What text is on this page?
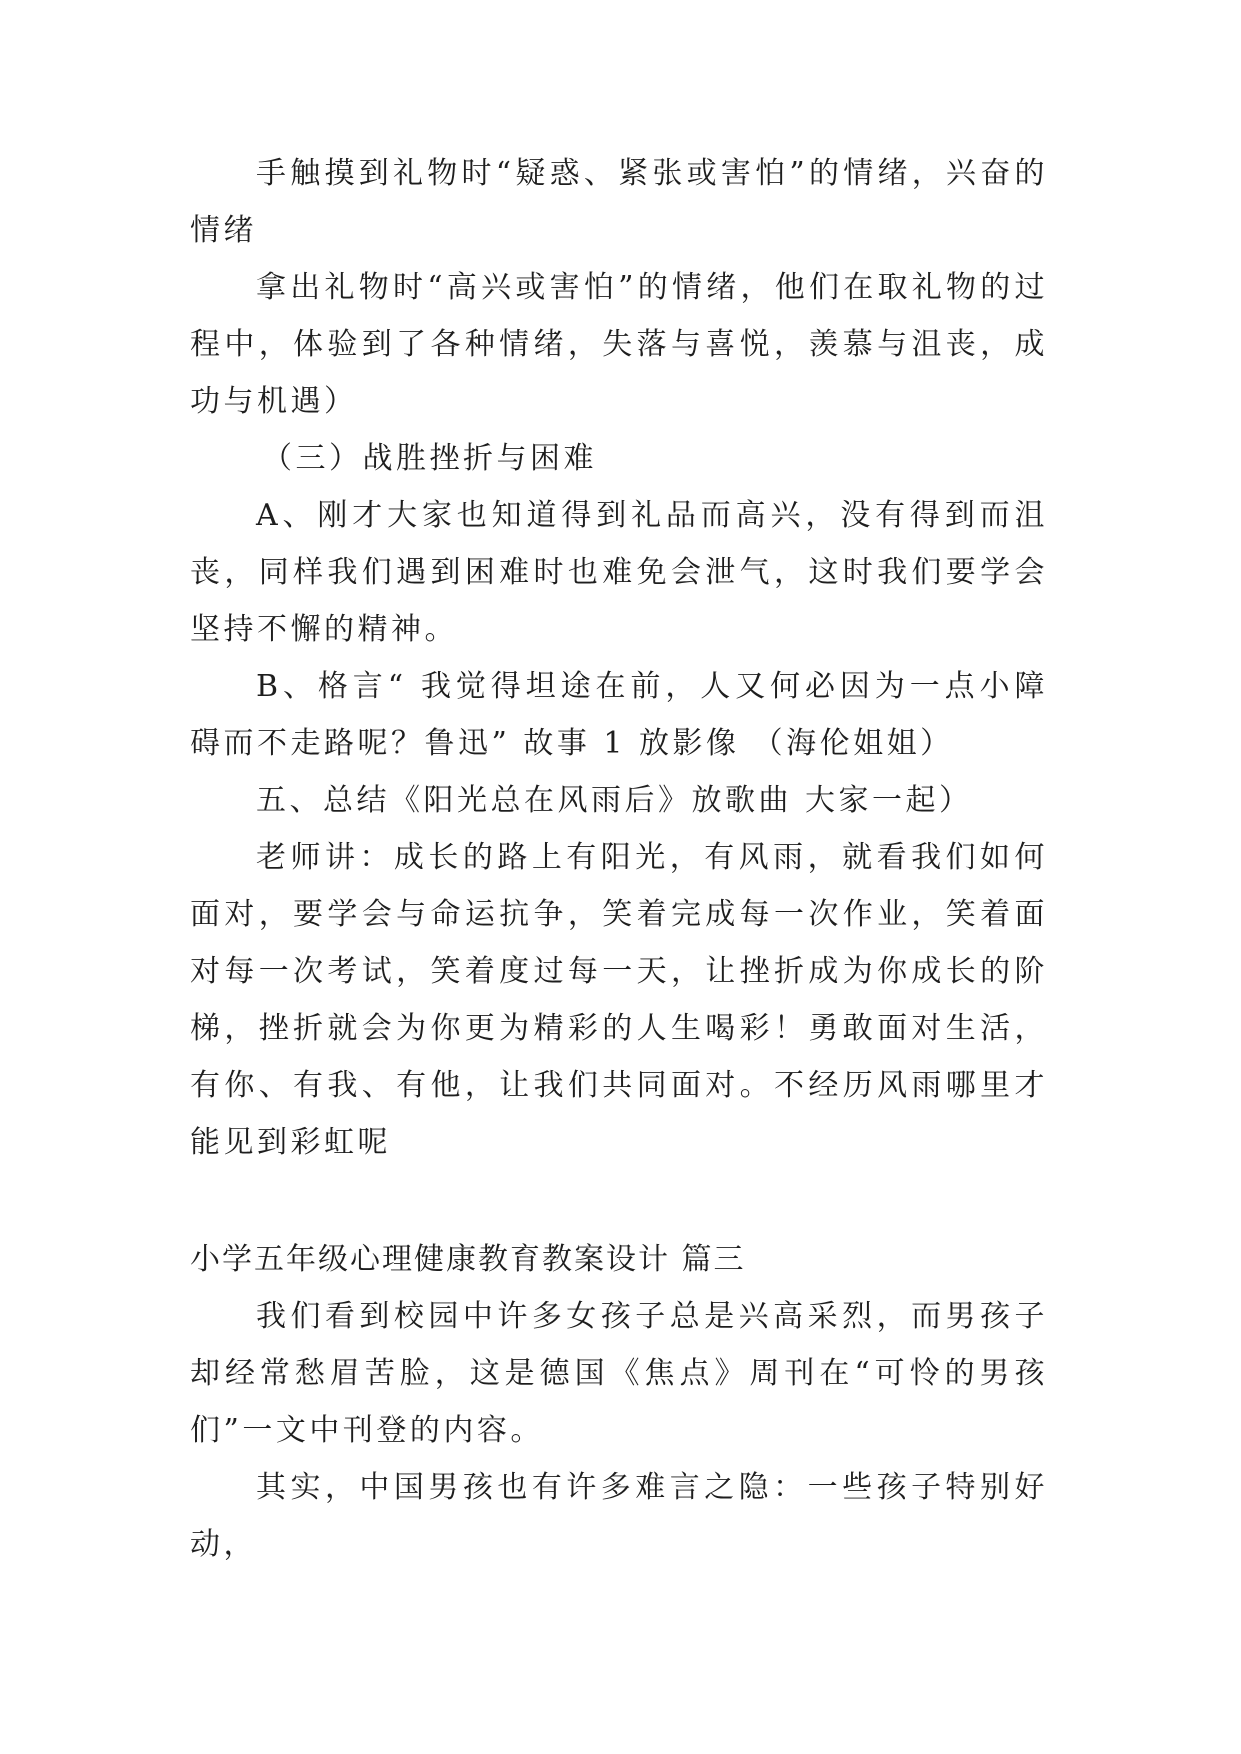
手触摸到礼物时“疑惑、紧张或害怕”的情绪，兴奋的情绪

拿出礼物时“高兴或害怕”的情绪，他们在取礼物的过程中，体验到了各种情绪，失落与喜悦，羡慕与沮丧，成功与机遇）

（三）战胜挫折与困难

A、刚才大家也知道得到礼品而高兴，没有得到而沮丧，同样我们遇到困难时也难免会泄气，这时我们要学会坚持不懈的精神。

B、格言“ 我觉得坦途在前，人又何必因为一点小障碍而不走路呢？鲁迅” 故事 1 放影像 （海伦姐姐）

五、总结《阳光总在风雨后》放歌曲 大家一起）

老师讲：成长的路上有阳光，有风雨，就看我们如何面对，要学会与命运抗争，笑着完成每一次作业，笑着面对每一次考试，笑着度过每一天，让挫折成为你成长的阶梯，挫折就会为你更为精彩的人生喝彩！勇敢面对生活，有你、有我、有他，让我们共同面对。不经历风雨哪里才能见到彩虹呢

小学五年级心理健康教育教案设计 篇三

我们看到校园中许多女孩子总是兴高采烈，而男孩子却经常愁眉苦脸，这是德国《焦点》周刊在“可怜的男孩们”一文中刊登的内容。

其实，中国男孩也有许多难言之隐：一些孩子特别好动，
